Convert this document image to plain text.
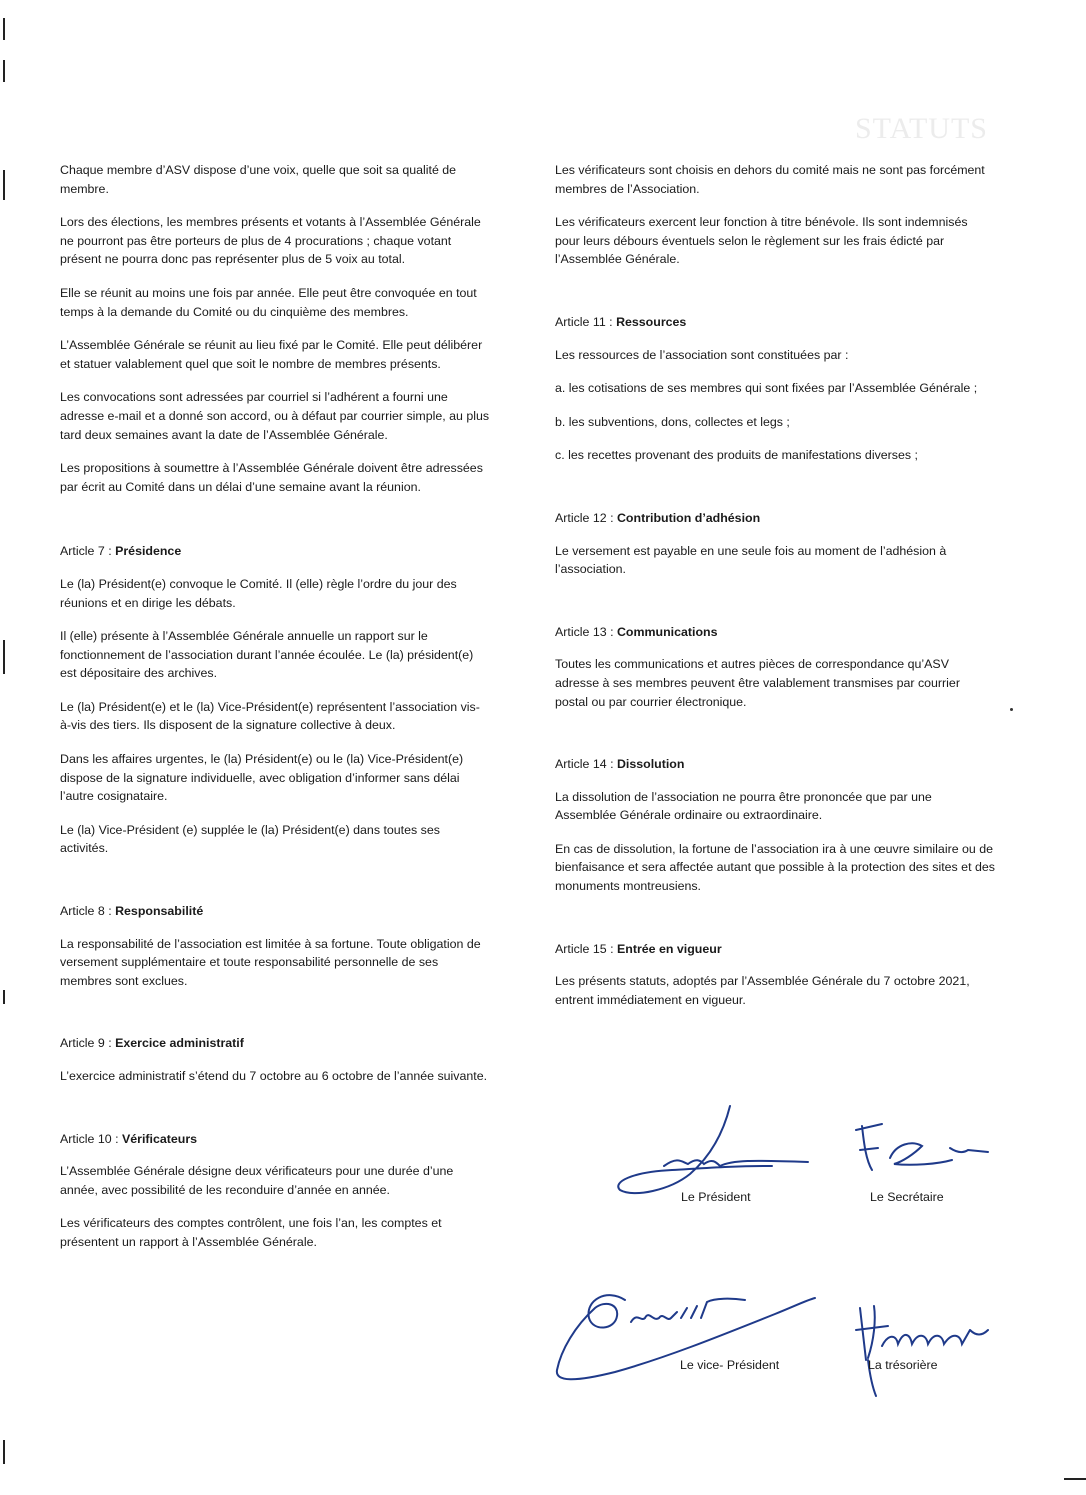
STATUTS

Chaque membre d’ASV dispose d’une voix, quelle que soit sa qualité de membre.

Lors des élections, les membres présents et votants à l’Assemblée Générale ne pourront pas être porteurs de plus de 4 procurations ; chaque votant présent ne pourra donc pas représenter plus de 5 voix au total.

Elle se réunit au moins une fois par année. Elle peut être convoquée en tout temps à la demande du Comité ou du cinquième des membres.

L’Assemblée Générale se réunit au lieu fixé par le Comité. Elle peut délibérer et statuer valablement quel que soit le nombre de membres présents.

Les convocations sont adressées par courriel si l’adhérent a fourni une adresse e-mail et a donné son accord, ou à défaut par courrier simple, au plus tard deux semaines avant la date de l’Assemblée Générale.

Les propositions à soumettre à l’Assemblée Générale doivent être adressées par écrit au Comité dans un délai d’une semaine avant la réunion.

Article 7 : Présidence

Le (la) Président(e) convoque le Comité. Il (elle) règle l’ordre du jour des réunions et en dirige les débats.

Il (elle) présente à l’Assemblée Générale annuelle un rapport sur le fonctionnement de l’association durant l’année écoulée. Le (la) président(e) est dépositaire des archives.

Le (la) Président(e) et le (la) Vice-Président(e) représentent l’association vis-à-vis des tiers. Ils disposent de la signature collective à deux.

Dans les affaires urgentes, le (la) Président(e) ou le (la) Vice-Président(e) dispose de la signature individuelle, avec obligation d’informer sans délai l’autre cosignataire.

Le (la) Vice-Président (e) supplée le (la) Président(e) dans toutes ses activités.

Article 8 : Responsabilité

La responsabilité de l’association est limitée à sa fortune. Toute obligation de versement supplémentaire et toute responsabilité personnelle de ses membres sont exclues.

Article 9 : Exercice administratif

L’exercice administratif s’étend du 7 octobre au 6 octobre de l’année suivante.

Article 10 : Vérificateurs

L’Assemblée Générale désigne deux vérificateurs pour une durée d’une année, avec possibilité de les reconduire d’année en année.

Les vérificateurs des comptes contrôlent, une fois l’an, les comptes et présentent un rapport à l’Assemblée Générale.

Les vérificateurs sont choisis en dehors du comité mais ne sont pas forcément membres de l’Association.

Les vérificateurs exercent leur fonction à titre bénévole. Ils sont indemnisés pour leurs débours éventuels selon le règlement sur les frais édicté par l’Assemblée Générale.

Article 11 : Ressources

Les ressources de l’association sont constituées par :

a. les cotisations de ses membres qui sont fixées par l’Assemblée Générale ;

b. les subventions, dons, collectes et legs ;

c. les recettes provenant des produits de manifestations diverses ;

Article 12 : Contribution d’adhésion

Le versement est payable en une seule fois au moment de l’adhésion à l’association.

Article 13 : Communications

Toutes les communications et autres pièces de correspondance qu’ASV adresse à ses membres peuvent être valablement transmises par courrier postal ou par courrier électronique.

Article 14 : Dissolution

La dissolution de l’association ne pourra être prononcée que par une Assemblée Générale ordinaire ou extraordinaire.

En cas de dissolution, la fortune de l’association ira à une œuvre similaire ou de bienfaisance et sera affectée autant que possible à la protection des sites et des monuments montreusiens.

Article 15 : Entrée en vigueur

Les présents statuts, adoptés par l’Assemblée Générale du 7 octobre 2021, entrent immédiatement en vigueur.

Le Président	Le Secrétaire
Le vice- Président	La trésorière
